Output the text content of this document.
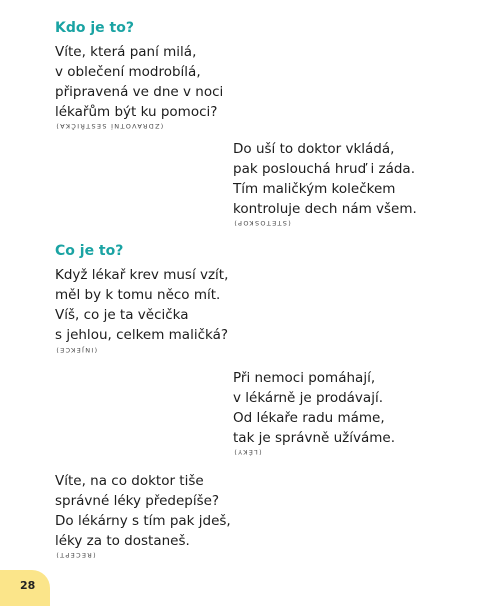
Kdo je to?
Víte, která paní milá,
v oblečení modrobílá,
připravená ve dne v noci
lékařům být ku pomoci?
(ZDRAVOTNÍ SESTŘIČKA)
Do uší to doktor vkládá,
pak poslouchá hruď i záda.
Tím maličkým kolečkem
kontroluje dech nám všem.
(STETOSKOP)
Co je to?
Když lékař krev musí vzít,
měl by k tomu něco mít.
Víš, co je ta věcička
s jehlou, celkem maličká?
(INJEKCE)
Při nemoci pomáhají,
v lékárně je prodávají.
Od lékaře radu máme,
tak je správně užíváme.
(LÉKY)
Víte, na co doktor tiše
správné léky předepíše?
Do lékárny s tím pak jdeš,
léky za to dostaneš.
(RECEPT)
28
